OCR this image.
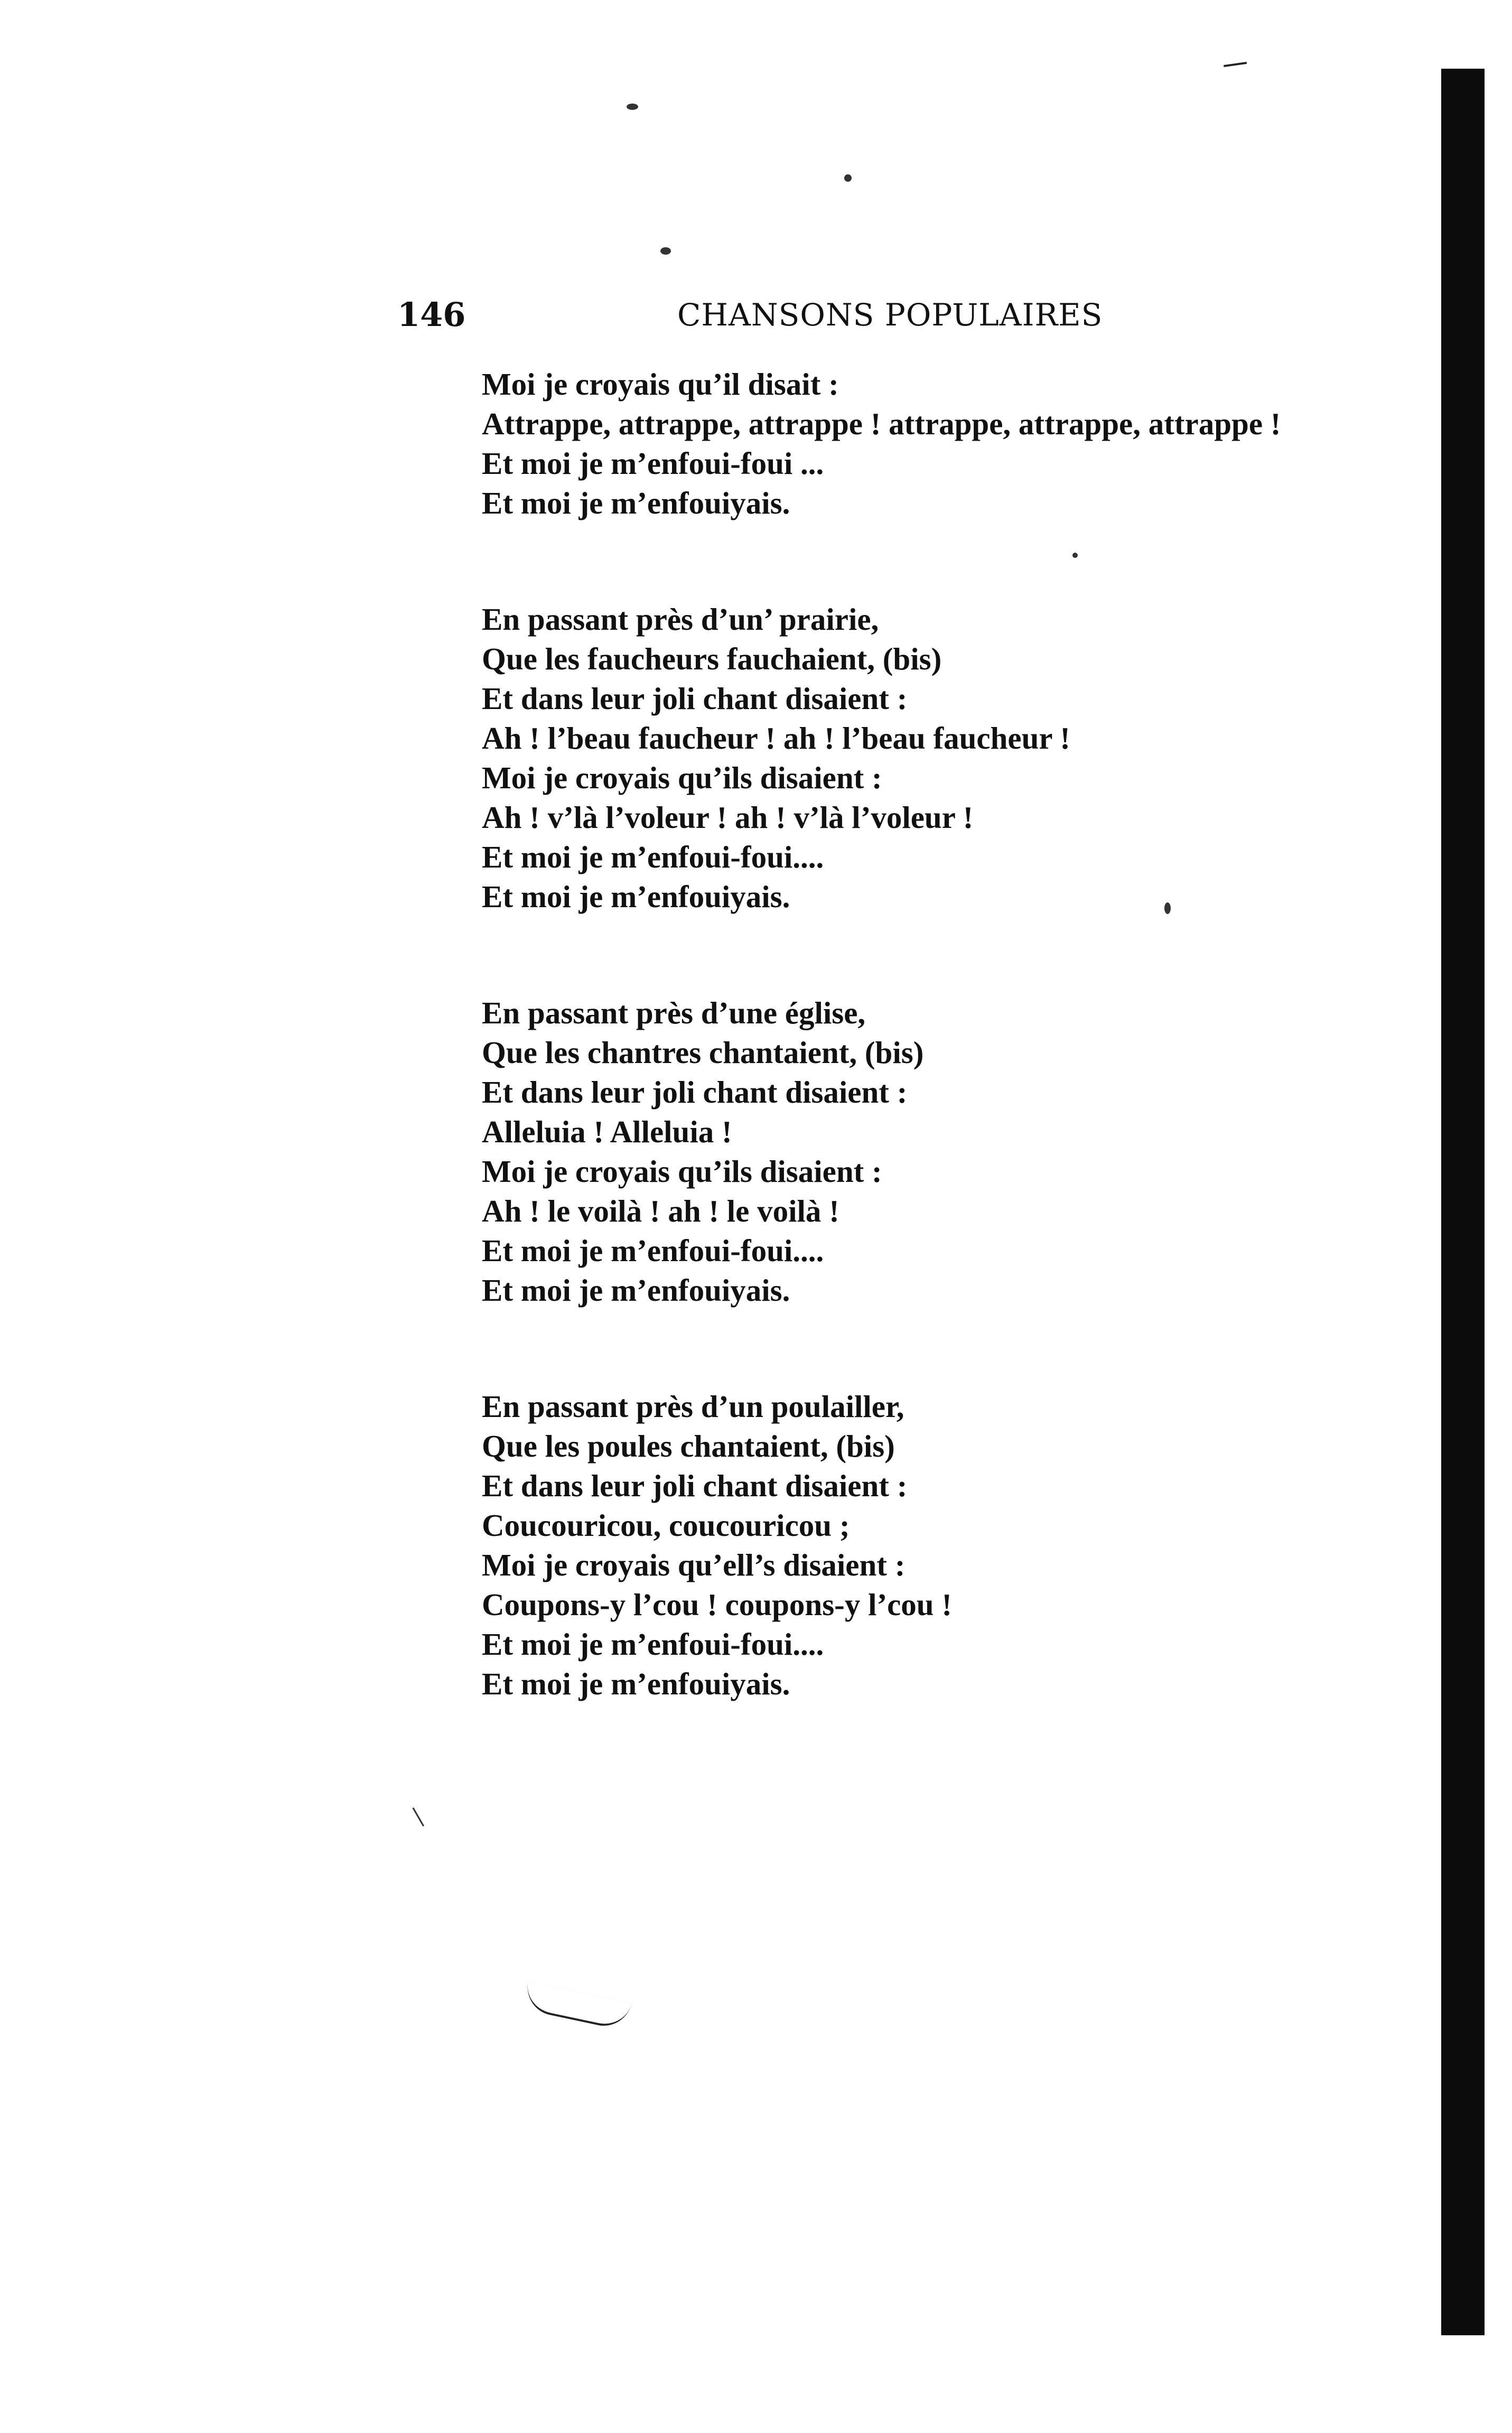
146	CHANSONS POPULAIRES
Moi je croyais qu’il disait :
Attrappe, attrappe, attrappe ! attrappe, attrappe, attrappe !
Et moi je m’enfoui-foui ...
Et moi je m’enfouiyais.
En passant près d’un’ prairie,
Que les faucheurs fauchaient, (bis)
Et dans leur joli chant disaient :
Ah ! l’beau faucheur ! ah ! l’beau faucheur !
Moi je croyais qu’ils disaient :
Ah ! v’là l’voleur ! ah ! v’là l’voleur !
Et moi je m’enfoui-foui....
Et moi je m’enfouiyais.
En passant près d’une église,
Que les chantres chantaient, (bis)
Et dans leur joli chant disaient :
Alleluia ! Alleluia !
Moi je croyais qu’ils disaient :
Ah ! le voilà ! ah ! le voilà !
Et moi je m’enfoui-foui....
Et moi je m’enfouiyais.
En passant près d’un poulailler,
Que les poules chantaient, (bis)
Et dans leur joli chant disaient :
Coucouricou, coucouricou ;
Moi je croyais qu’ell’s disaient :
Coupons-y l’cou ! coupons-y l’cou !
Et moi je m’enfoui-foui....
Et moi je m’enfouiyais.
